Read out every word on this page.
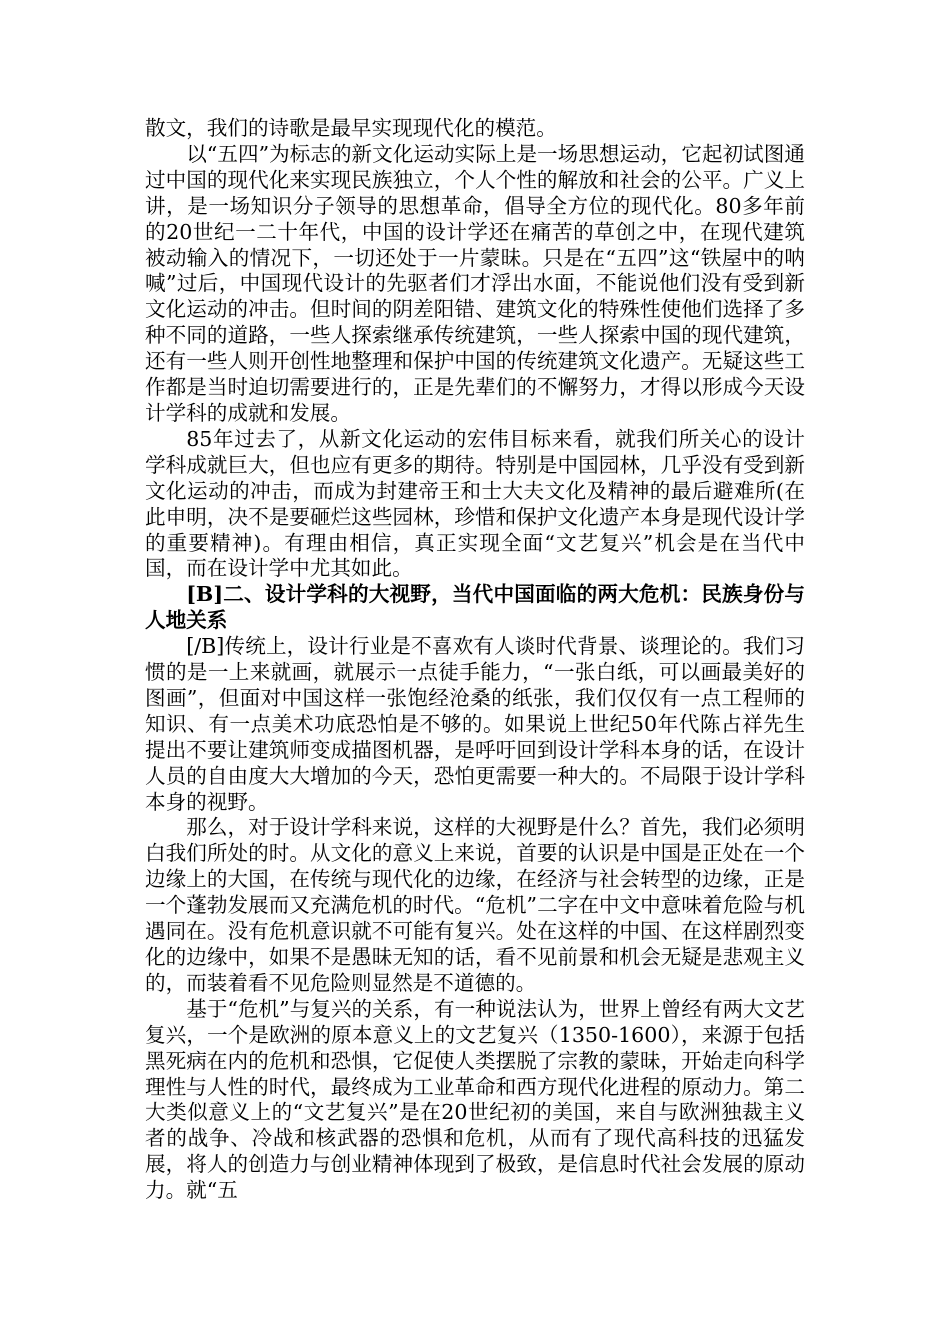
散文，我们的诗歌是最早实现现代化的模范。

以“五四”为标志的新文化运动实际上是一场思想运动，它起初试图通过中国的现代化来实现民族独立，个人个性的解放和社会的公平。广义上讲，是一场知识分子领导的思想革命，倡导全方位的现代化。80多年前的20世纪一二十年代，中国的设计学还在痛苦的草创之中，在现代建筑被动输入的情况下，一切还处于一片蒙昧。只是在“五四”这“铁屋中的呐喊”过后，中国现代设计的先驱者们才浮出水面，不能说他们没有受到新文化运动的冲击。但时间的阴差阳错、建筑文化的特殊性使他们选择了多种不同的道路，一些人探索继承传统建筑，一些人探索中国的现代建筑，还有一些人则开创性地整理和保护中国的传统建筑文化遗产。无疑这些工作都是当时迫切需要进行的，正是先辈们的不懈努力，才得以形成今天设计学科的成就和发展。

85年过去了，从新文化运动的宏伟目标来看，就我们所关心的设计学科成就巨大，但也应有更多的期待。特别是中国园林，几乎没有受到新文化运动的冲击，而成为封建帝王和士大夫文化及精神的最后避难所(在此申明，决不是要砸烂这些园林，珍惜和保护文化遗产本身是现代设计学的重要精神)。有理由相信，真正实现全面“文艺复兴”机会是在当代中国，而在设计学中尤其如此。

[B]二、设计学科的大视野，当代中国面临的两大危机：民族身份与人地关系

[/B]传统上，设计行业是不喜欢有人谈时代背景、谈理论的。我们习惯的是一上来就画，就展示一点徒手能力，“一张白纸，可以画最美好的图画”，但面对中国这样一张饱经沧桑的纸张，我们仅仅有一点工程师的知识、有一点美术功底恐怕是不够的。如果说上世纪50年代陈占祥先生提出不要让建筑师变成描图机器，是呼吁回到设计学科本身的话，在设计人员的自由度大大增加的今天，恐怕更需要一种大的。不局限于设计学科本身的视野。

那么，对于设计学科来说，这样的大视野是什么？首先，我们必须明白我们所处的时。从文化的意义上来说，首要的认识是中国是正处在一个边缘上的大国，在传统与现代化的边缘，在经济与社会转型的边缘，正是一个蓬勃发展而又充满危机的时代。“危机”二字在中文中意味着危险与机遇同在。没有危机意识就不可能有复兴。处在这样的中国、在这样剧烈变化的边缘中，如果不是愚昧无知的话，看不见前景和机会无疑是悲观主义的，而装着看不见危险则显然是不道德的。

基于“危机”与复兴的关系，有一种说法认为，世界上曾经有两大文艺复兴，一个是欧洲的原本意义上的文艺复兴（1350-1600），来源于包括黑死病在内的危机和恐惧，它促使人类摆脱了宗教的蒙昧，开始走向科学理性与人性的时代，最终成为工业革命和西方现代化进程的原动力。第二大类似意义上的“文艺复兴”是在20世纪初的美国，来自与欧洲独裁主义者的战争、冷战和核武器的恐惧和危机，从而有了现代高科技的迅猛发展，将人的创造力与创业精神体现到了极致，是信息时代社会发展的原动力。就“五
